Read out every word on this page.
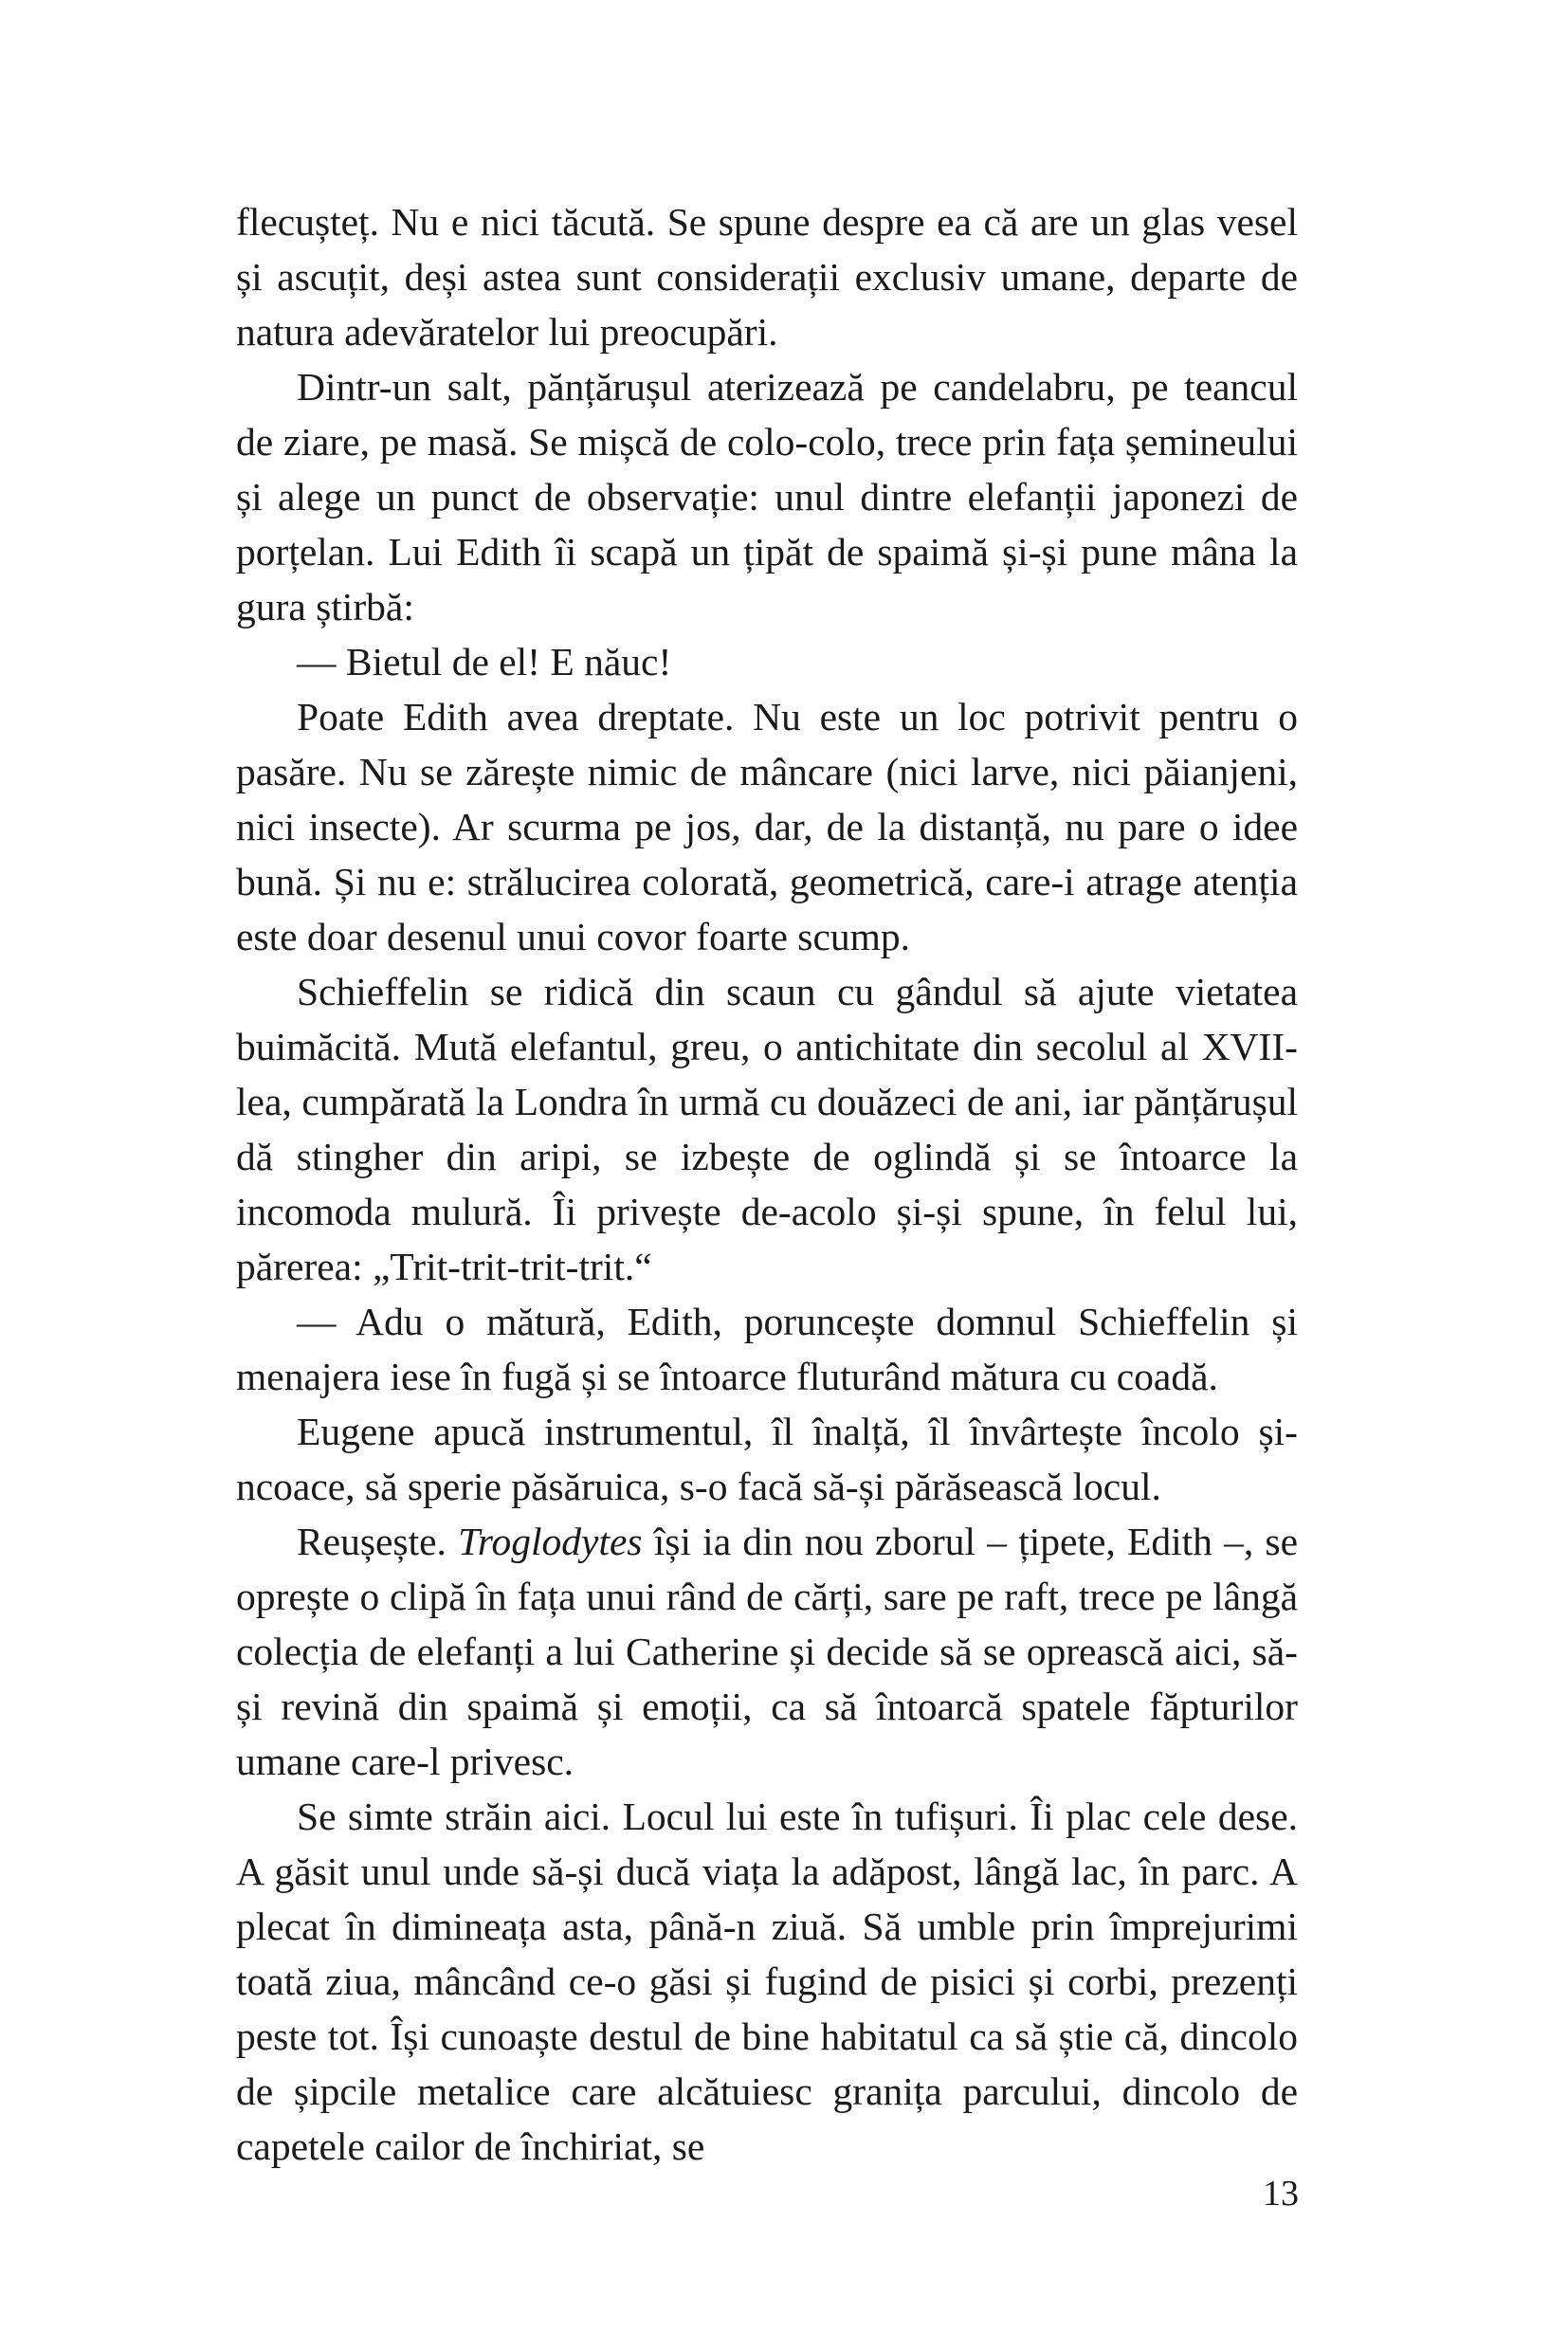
flecușteț. Nu e nici tăcută. Se spune despre ea că are un glas vesel și ascuțit, deși astea sunt considerații exclusiv umane, departe de natura adevăratelor lui preocupări.

Dintr-un salt, pănțărușul aterizează pe candelabru, pe teancul de ziare, pe masă. Se mișcă de colo-colo, trece prin fața șemineului și alege un punct de observație: unul dintre elefanții japonezi de porțelan. Lui Edith îi scapă un țipăt de spaimă și-și pune mâna la gura știrbă:

— Bietul de el! E năuc!

Poate Edith avea dreptate. Nu este un loc potrivit pentru o pasăre. Nu se zărește nimic de mâncare (nici larve, nici păianjeni, nici insecte). Ar scurma pe jos, dar, de la distanță, nu pare o idee bună. Și nu e: strălucirea colorată, geometrică, care-i atrage atenția este doar desenul unui covor foarte scump.

Schieffelin se ridică din scaun cu gândul să ajute vietatea buimăcită. Mută elefantul, greu, o antichitate din secolul al XVII-lea, cumpărată la Londra în urmă cu douăzeci de ani, iar pănțărușul dă stingher din aripi, se izbește de oglindă și se întoarce la incomoda mulură. Îi privește de-acolo și-și spune, în felul lui, părerea: „Trit-trit-trit-trit.“

— Adu o mătură, Edith, poruncește domnul Schieffelin și menajera iese în fugă și se întoarce fluturând mătura cu coadă.

Eugene apucă instrumentul, îl înalță, îl învârtește încolo și-ncoace, să sperie păsăruica, s-o facă să-și părăsească locul.

Reușește. Troglodytes își ia din nou zborul – țipete, Edith –, se oprește o clipă în fața unui rând de cărți, sare pe raft, trece pe lângă colecția de elefanți a lui Catherine și decide să se oprească aici, să-și revină din spaimă și emoții, ca să întoarcă spatele făpturilor umane care-l privesc.

Se simte străin aici. Locul lui este în tufișuri. Îi plac cele dese. A găsit unul unde să-și ducă viața la adăpost, lângă lac, în parc. A plecat în dimineața asta, până-n ziuă. Să umble prin împrejurimi toată ziua, mâncând ce-o găsi și fugind de pisici și corbi, prezenți peste tot. Își cunoaște destul de bine habitatul ca să știe că, dincolo de șipcile metalice care alcătuiesc granița parcului, dincolo de capetele cailor de închiriat, se

13
